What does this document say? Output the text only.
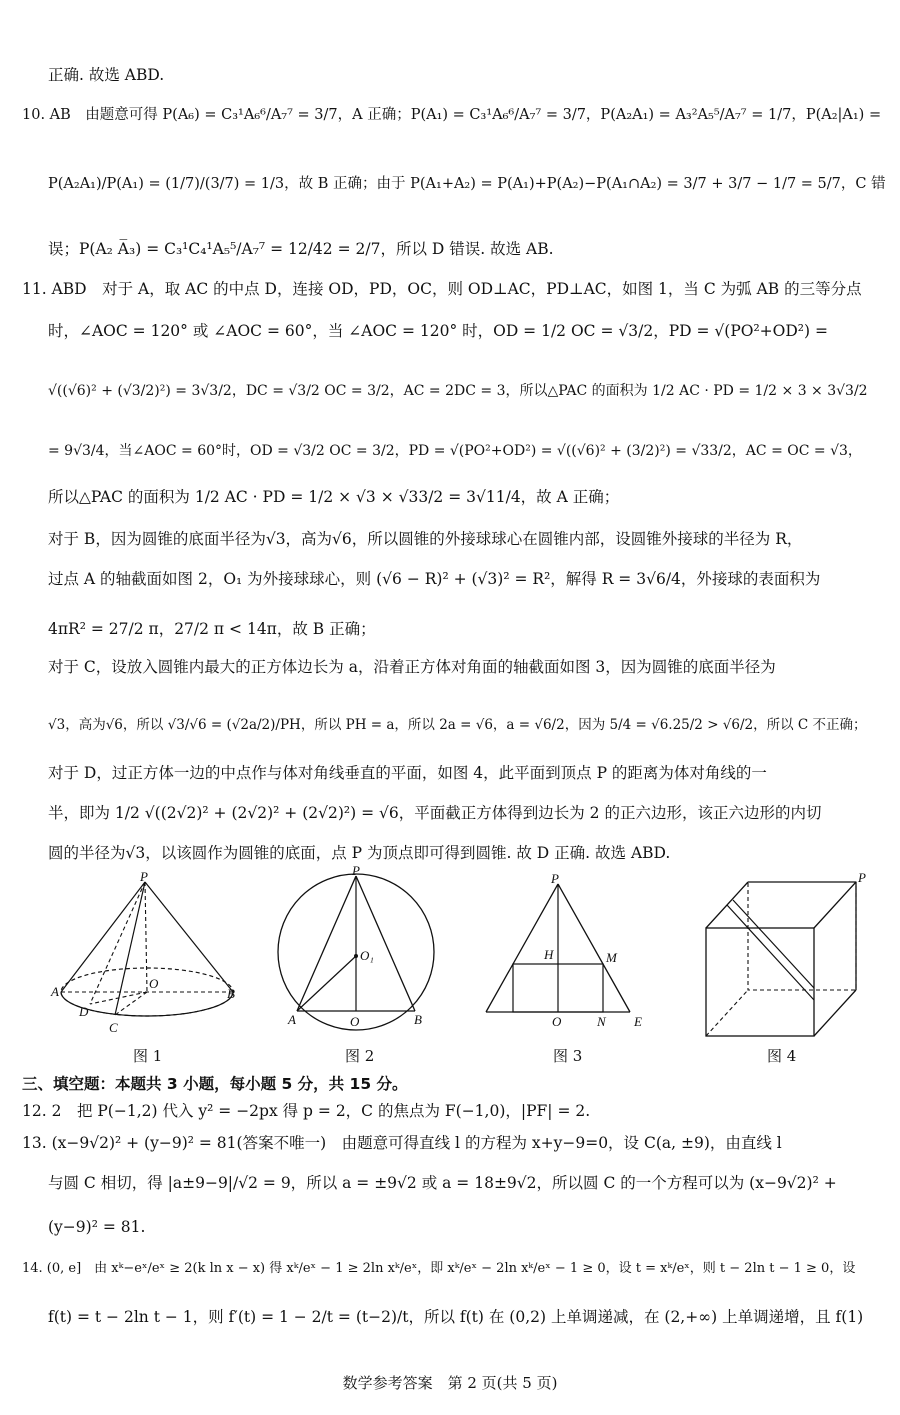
正确. 故选 ABD.
10. AB　由题意可得 P(A₆) = C₃¹A₆⁶/A₇⁷ = 3/7，A 正确；P(A₁) = C₃¹A₆⁶/A₇⁷ = 3/7，P(A₂A₁) = A₃²A₅⁵/A₇⁷ = 1/7，P(A₂|A₁) =
P(A₂A₁)/P(A₁) = (1/7)/(3/7) = 1/3，故 B 正确；由于 P(A₁+A₂) = P(A₁)+P(A₂)−P(A₁∩A₂) = 3/7 + 3/7 − 1/7 = 5/7，C 错
误；P(A₂ A̅₃) = C₃¹C₄¹A₅⁵/A₇⁷ = 12/42 = 2/7，所以 D 错误. 故选 AB.
11. ABD　对于 A，取 AC 的中点 D，连接 OD，PD，OC，则 OD⊥AC，PD⊥AC，如图 1，当 C 为弧 AB 的三等分点
时，∠AOC = 120° 或 ∠AOC = 60°，当 ∠AOC = 120° 时，OD = 1/2 OC = √3/2，PD = √(PO²+OD²) =
√((√6)² + (√3/2)²) = 3√3/2，DC = √3/2 OC = 3/2，AC = 2DC = 3，所以△PAC 的面积为 1/2 AC · PD = 1/2 × 3 × 3√3/2
= 9√3/4，当∠AOC = 60°时，OD = √3/2 OC = 3/2，PD = √(PO²+OD²) = √((√6)² + (3/2)²) = √33/2，AC = OC = √3，
所以△PAC 的面积为 1/2 AC · PD = 1/2 × √3 × √33/2 = 3√11/4，故 A 正确；
对于 B，因为圆锥的底面半径为√3，高为√6，所以圆锥的外接球球心在圆锥内部，设圆锥外接球的半径为 R，
过点 A 的轴截面如图 2，O₁ 为外接球球心，则 (√6 − R)² + (√3)² = R²，解得 R = 3√6/4，外接球的表面积为
4πR² = 27/2 π，27/2 π < 14π，故 B 正确；
对于 C，设放入圆锥内最大的正方体边长为 a，沿着正方体对角面的轴截面如图 3，因为圆锥的底面半径为
√3，高为√6，所以 √3/√6 = (√2a/2)/PH，所以 PH = a，所以 2a = √6，a = √6/2，因为 5/4 = √6.25/2 > √6/2，所以 C 不正确；
对于 D，过正方体一边的中点作与体对角线垂直的平面，如图 4，此平面到顶点 P 的距离为体对角线的一
半，即为 1/2 √((2√2)² + (2√2)² + (2√2)²) = √6，平面截正方体得到边长为 2 的正六边形，该正六边形的内切
圆的半径为√3，以该圆作为圆锥的底面，点 P 为顶点即可得到圆锥. 故 D 正确. 故选 ABD.
P
A
O
B
D
C
图 1
P
O₁
A	O	B
图 2
P
H	M
O	N E
图 3
P
图 4
三、填空题：本题共 3 小题，每小题 5 分，共 15 分。
12. 2　把 P(−1,2) 代入 y² = −2px 得 p = 2，C 的焦点为 F(−1,0)，|PF| = 2.
13. (x−9√2)² + (y−9)² = 81(答案不唯一)　由题意可得直线 l 的方程为 x+y−9=0，设 C(a, ±9)，由直线 l
与圆 C 相切，得 |a±9−9|/√2 = 9，所以 a = ±9√2 或 a = 18±9√2，所以圆 C 的一个方程可以为 (x−9√2)² +
(y−9)² = 81.
14. (0, e]　由 xᵏ−eˣ/eˣ ≥ 2(k ln x − x) 得 xᵏ/eˣ − 1 ≥ 2ln xᵏ/eˣ，即 xᵏ/eˣ − 2ln xᵏ/eˣ − 1 ≥ 0，设 t = xᵏ/eˣ，则 t − 2ln t − 1 ≥ 0，设
f(t) = t − 2ln t − 1，则 f′(t) = 1 − 2/t = (t−2)/t，所以 f(t) 在 (0,2) 上单调递减，在 (2,+∞) 上单调递增，且 f(1)
数学参考答案　第 2 页(共 5 页)
